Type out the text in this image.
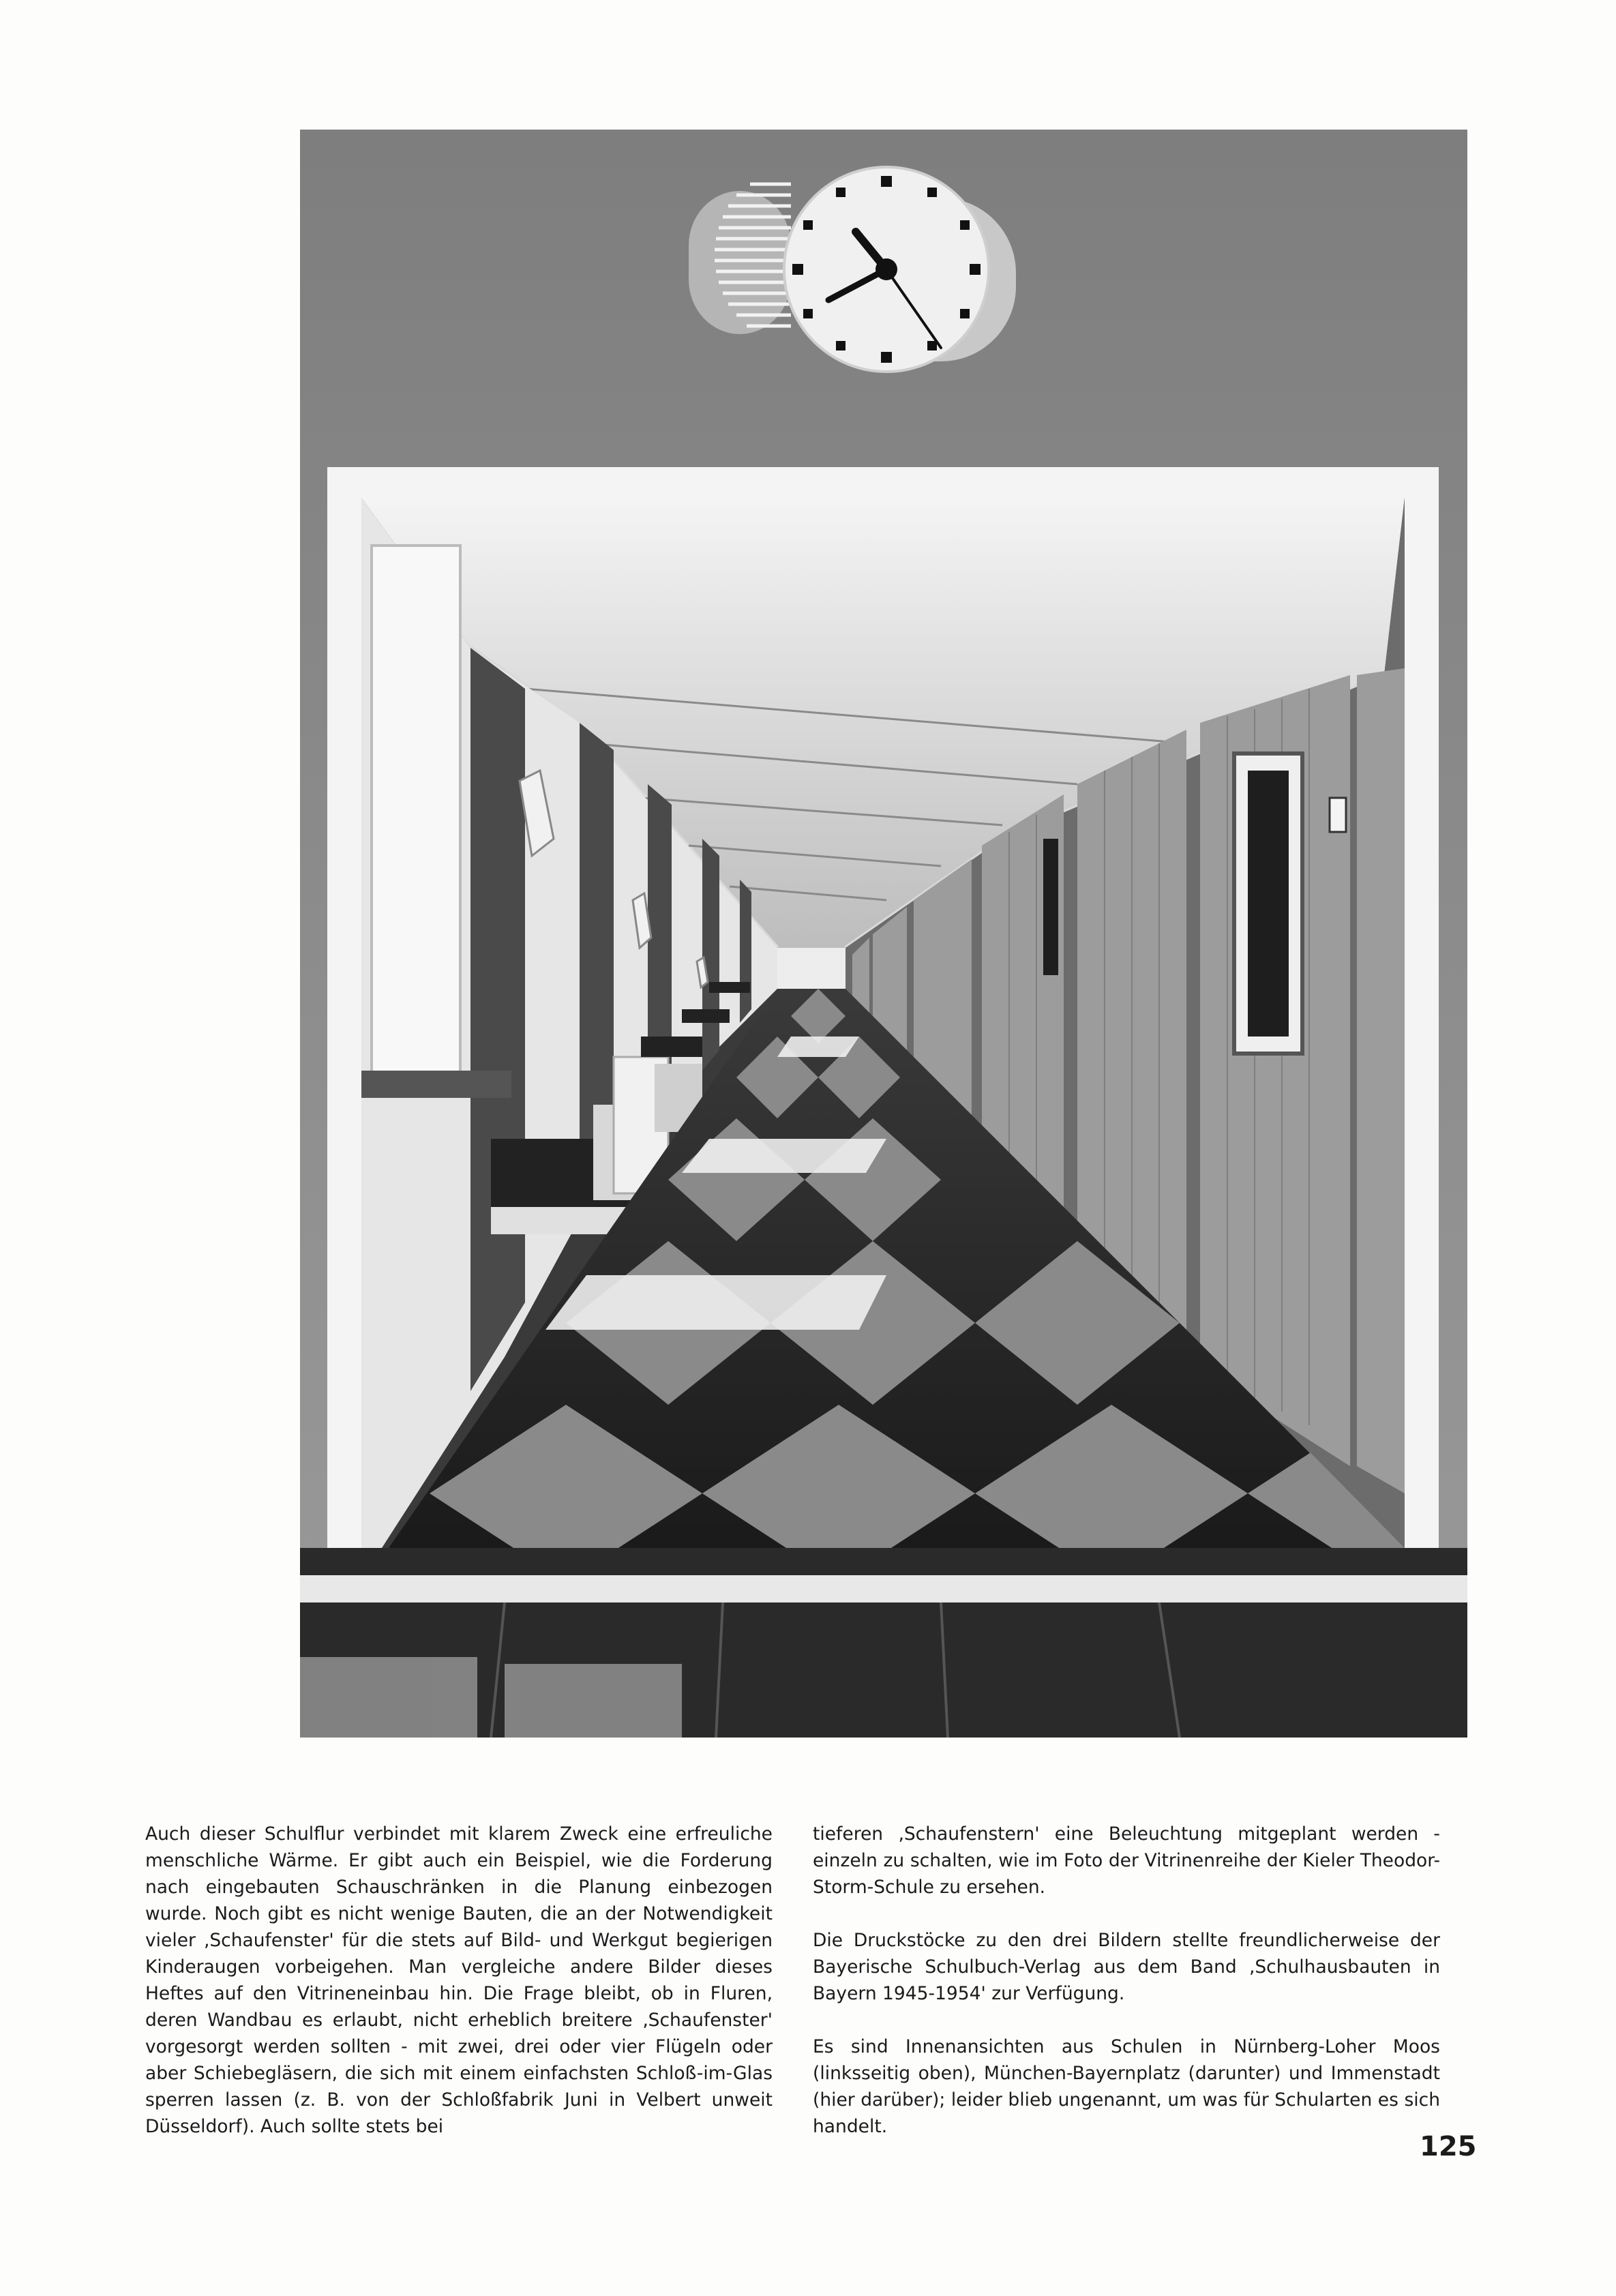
Auch dieser Schulflur verbindet mit klarem Zweck eine erfreuliche menschliche Wärme. Er gibt auch ein Beispiel, wie die Forderung nach eingebauten Schauschränken in die Planung einbezogen wurde. Noch gibt es nicht wenige Bauten, die an der Notwendigkeit vieler ‚Schaufenster' für die stets auf Bild- und Werkgut begierigen Kinderaugen vorbeigehen. Man vergleiche andere Bilder dieses Heftes auf den Vitrineneinbau hin. Die Frage bleibt, ob in Fluren, deren Wandbau es erlaubt, nicht erheblich breitere ‚Schaufenster' vorgesorgt werden sollten - mit zwei, drei oder vier Flügeln oder aber Schiebegläsern, die sich mit einem einfachsten Schloß-im-Glas sperren lassen (z. B. von der Schloßfabrik Juni in Velbert unweit Düsseldorf). Auch sollte stets bei

tieferen ‚Schaufenstern' eine Beleuchtung mitgeplant werden - einzeln zu schalten, wie im Foto der Vitrinenreihe der Kieler Theodor-Storm-Schule zu ersehen.

Die Druckstöcke zu den drei Bildern stellte freundlicherweise der Bayerische Schulbuch-Verlag aus dem Band ‚Schulhausbauten in Bayern 1945-1954' zur Verfügung.

Es sind Innenansichten aus Schulen in Nürnberg-Loher Moos (linksseitig oben), München-Bayernplatz (darunter) und Immenstadt (hier darüber); leider blieb ungenannt, um was für Schularten es sich handelt.

125
